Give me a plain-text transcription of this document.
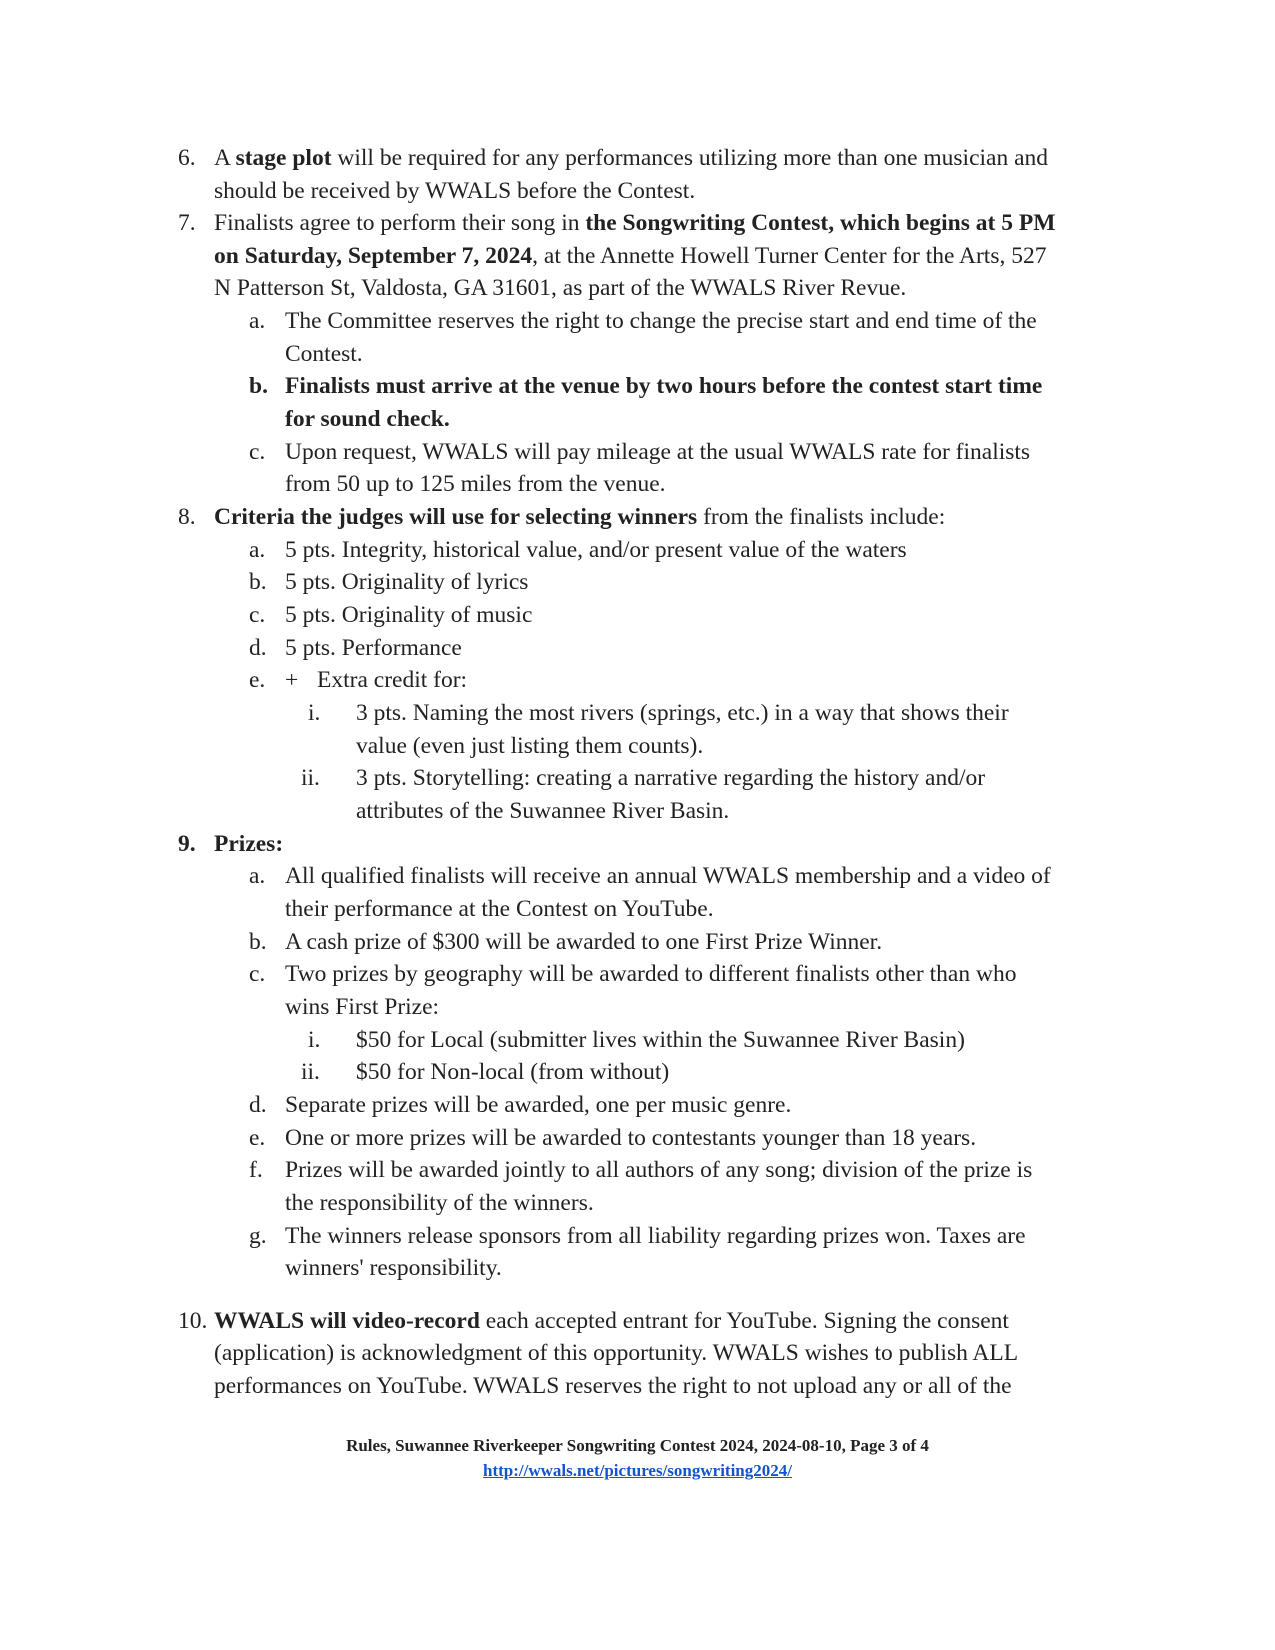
6. A stage plot will be required for any performances utilizing more than one musician and
should be received by WWALS before the Contest.
7. Finalists agree to perform their song in the Songwriting Contest, which begins at 5 PM
on Saturday, September 7, 2024, at the Annette Howell Turner Center for the Arts, 527
N Patterson St, Valdosta, GA 31601, as part of the WWALS River Revue.
a. The Committee reserves the right to change the precise start and end time of the
Contest.
b. Finalists must arrive at the venue by two hours before the contest start time
for sound check.
c. Upon request, WWALS will pay mileage at the usual WWALS rate for finalists
from 50 up to 125 miles from the venue.
8. Criteria the judges will use for selecting winners from the finalists include:
a. 5 pts. Integrity, historical value, and/or present value of the waters
b. 5 pts. Originality of lyrics
c. 5 pts. Originality of music
d. 5 pts. Performance
e. + Extra credit for:
i. 3 pts. Naming the most rivers (springs, etc.) in a way that shows their
value (even just listing them counts).
ii. 3 pts. Storytelling: creating a narrative regarding the history and/or
attributes of the Suwannee River Basin.
9. Prizes:
a. All qualified finalists will receive an annual WWALS membership and a video of
their performance at the Contest on YouTube.
b. A cash prize of $300 will be awarded to one First Prize Winner.
c. Two prizes by geography will be awarded to different finalists other than who
wins First Prize:
i. $50 for Local (submitter lives within the Suwannee River Basin)
ii. $50 for Non-local (from without)
d. Separate prizes will be awarded, one per music genre.
e. One or more prizes will be awarded to contestants younger than 18 years.
f. Prizes will be awarded jointly to all authors of any song; division of the prize is
the responsibility of the winners.
g. The winners release sponsors from all liability regarding prizes won. Taxes are
winners' responsibility.
10. WWALS will video-record each accepted entrant for YouTube. Signing the consent
(application) is acknowledgment of this opportunity. WWALS wishes to publish ALL
performances on YouTube. WWALS reserves the right to not upload any or all of the
Rules, Suwannee Riverkeeper Songwriting Contest 2024, 2024-08-10, Page 3 of 4
http://wwals.net/pictures/songwriting2024/
